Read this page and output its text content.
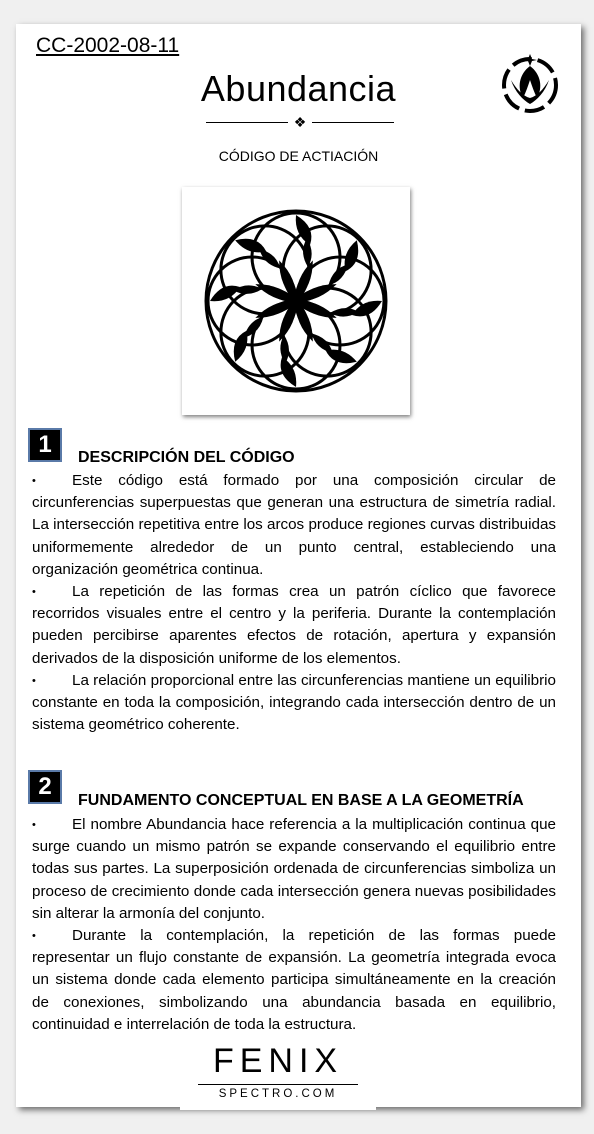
CC-2002-08-11
Abundancia
❖
CÓDIGO DE ACTIACIÓN
1	DESCRIPCIÓN DEL CÓDIGO

• Este código está formado por una composición circular de circunferencias superpuestas que generan una estructura de simetría radial. La intersección repetitiva entre los arcos produce regiones curvas distribuidas uniformemente alrededor de un punto central, estableciendo una organización geométrica continua.

• La repetición de las formas crea un patrón cíclico que favorece recorridos visuales entre el centro y la periferia. Durante la contemplación pueden percibirse aparentes efectos de rotación, apertura y expansión derivados de la disposición uniforme de los elementos.

• La relación proporcional entre las circunferencias mantiene un equilibrio constante en toda la composición, integrando cada intersección dentro de un sistema geométrico coherente.

2
FUNDAMENTO CONCEPTUAL EN BASE A LA GEOMETRÍA

• El nombre Abundancia hace referencia a la multiplicación continua que surge cuando un mismo patrón se expande conservando el equilibrio entre todas sus partes. La superposición ordenada de circunferencias simboliza un proceso de crecimiento donde cada intersección genera nuevas posibilidades sin alterar la armonía del conjunto.

• Durante la contemplación, la repetición de las formas puede representar un flujo constante de expansión. La geometría integrada evoca un sistema donde cada elemento participa simultáneamente en la creación de conexiones, simbolizando una abundancia basada en equilibrio, continuidad e interrelación de toda la estructura.

FENIX
SPECTRO.COM
